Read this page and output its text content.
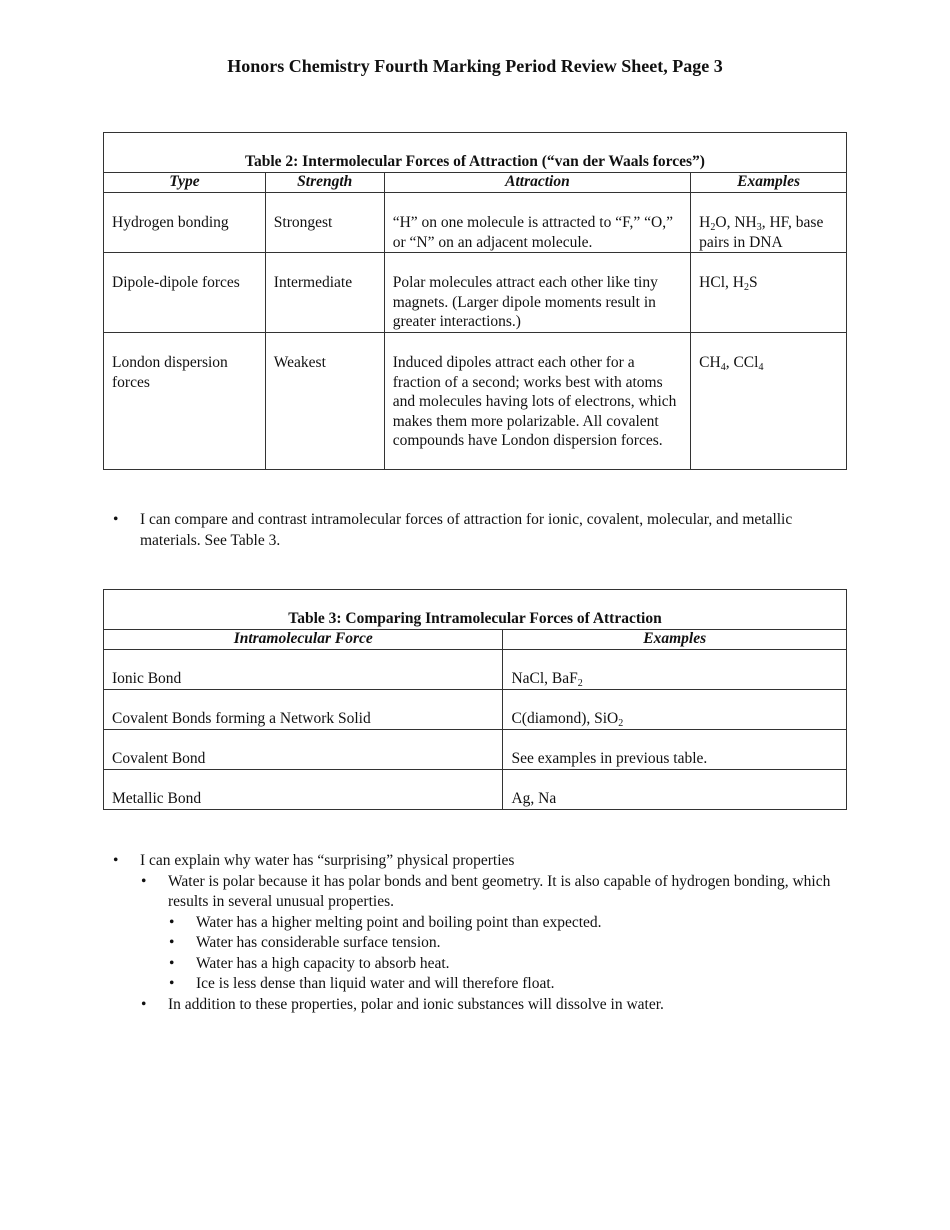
Honors Chemistry Fourth Marking Period Review Sheet, Page 3
Table 2: Intermolecular Forces of Attraction (“van der Waals forces”)			
Type	Strength	Attraction	Examples
Hydrogen bonding	Strongest	“H” on one molecule is attracted to “F,” “O,” or “N” on an adjacent molecule.	$H_2O$, $NH_3$, HF, base pairs in DNA
Dipole-dipole forces	Intermediate	Polar molecules attract each other like tiny magnets. (Larger dipole moments result in greater interactions.)	HCl, $H_2S$
London dispersion forces	Weakest	Induced dipoles attract each other for a fraction of a second; works best with atoms and molecules having lots of electrons, which makes them more polarizable. All covalent compounds have London dispersion forces.	$CH_4$, CCl$_4$
• I can compare and contrast intramolecular forces of attraction for ionic, covalent, molecular, and metallic materials. See Table 3.
Table 3: Comparing Intramolecular Forces of Attraction	
Intramolecular Force	Examples
Ionic Bond	NaCl, BaF$_2$
Covalent Bonds forming a Network Solid	C(diamond), SiO$_2$
Covalent Bond	See examples in previous table.
Metallic Bond	Ag, Na
• I can explain why water has “surprising” physical properties
• Water is polar because it has polar bonds and bent geometry. It is also capable of hydrogen bonding, which results in several unusual properties.
• Water has a higher melting point and boiling point than expected.
• Water has considerable surface tension.
• Water has a high capacity to absorb heat.
• Ice is less dense than liquid water and will therefore float.
• In addition to these properties, polar and ionic substances will dissolve in water.
